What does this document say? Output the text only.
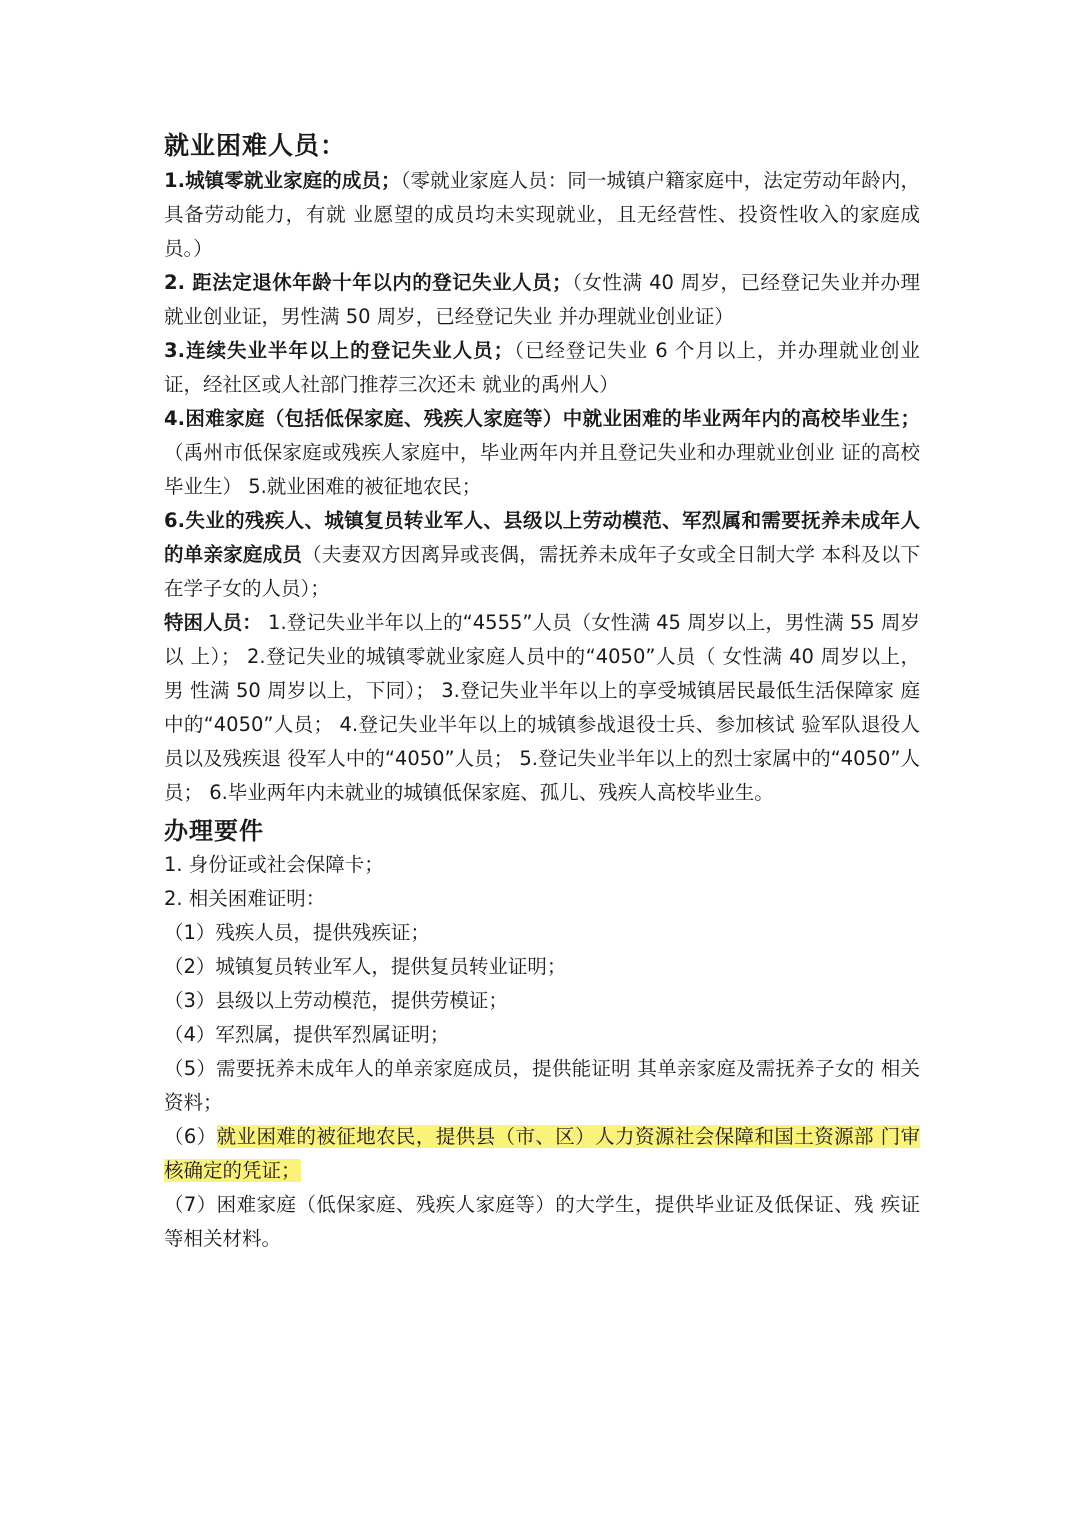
就业困难人员：

1.城镇零就业家庭的成员；（零就业家庭人员：同一城镇户籍家庭中，法定劳动年龄内，具备劳动能力，有就 业愿望的成员均未实现就业，且无经营性、投资性收入的家庭成员。）

2. 距法定退休年龄十年以内的登记失业人员；（女性满 40 周岁，已经登记失业并办理就业创业证，男性满 50 周岁，已经登记失业 并办理就业创业证）

3.连续失业半年以上的登记失业人员；（已经登记失业 6 个月以上，并办理就业创业证，经社区或人社部门推荐三次还未 就业的禹州人）

4.困难家庭（包括低保家庭、残疾人家庭等）中就业困难的毕业两年内的高校毕业生；（禹州市低保家庭或残疾人家庭中，毕业两年内并且登记失业和办理就业创业 证的高校毕业生） 5.就业困难的被征地农民；

6.失业的残疾人、城镇复员转业军人、县级以上劳动模范、军烈属和需要抚养未成年人的单亲家庭成员（夫妻双方因离异或丧偶，需抚养未成年子女或全日制大学 本科及以下在学子女的人员）；

特困人员： 1.登记失业半年以上的“4555”人员（女性满 45 周岁以上，男性满 55 周岁以 上）； 2.登记失业的城镇零就业家庭人员中的“4050”人员（ 女性满 40 周岁以上，男 性满 50 周岁以上，下同）； 3.登记失业半年以上的享受城镇居民最低生活保障家 庭中的“4050”人员； 4.登记失业半年以上的城镇参战退役士兵、参加核试 验军队退役人员以及残疾退 役军人中的“4050”人员； 5.登记失业半年以上的烈士家属中的“4050”人员； 6.毕业两年内未就业的城镇低保家庭、孤儿、残疾人高校毕业生。

办理要件

1. 身份证或社会保障卡；

2. 相关困难证明：

（1）残疾人员，提供残疾证；

（2）城镇复员转业军人，提供复员转业证明；

（3）县级以上劳动模范，提供劳模证；

（4）军烈属，提供军烈属证明；

（5）需要抚养未成年人的单亲家庭成员，提供能证明 其单亲家庭及需抚养子女的 相关资料；

（6）就业困难的被征地农民，提供县（市、区）人力资源社会保障和国土资源部 门审核确定的凭证；

（7）困难家庭（低保家庭、残疾人家庭等）的大学生，提供毕业证及低保证、残 疾证等相关材料。
